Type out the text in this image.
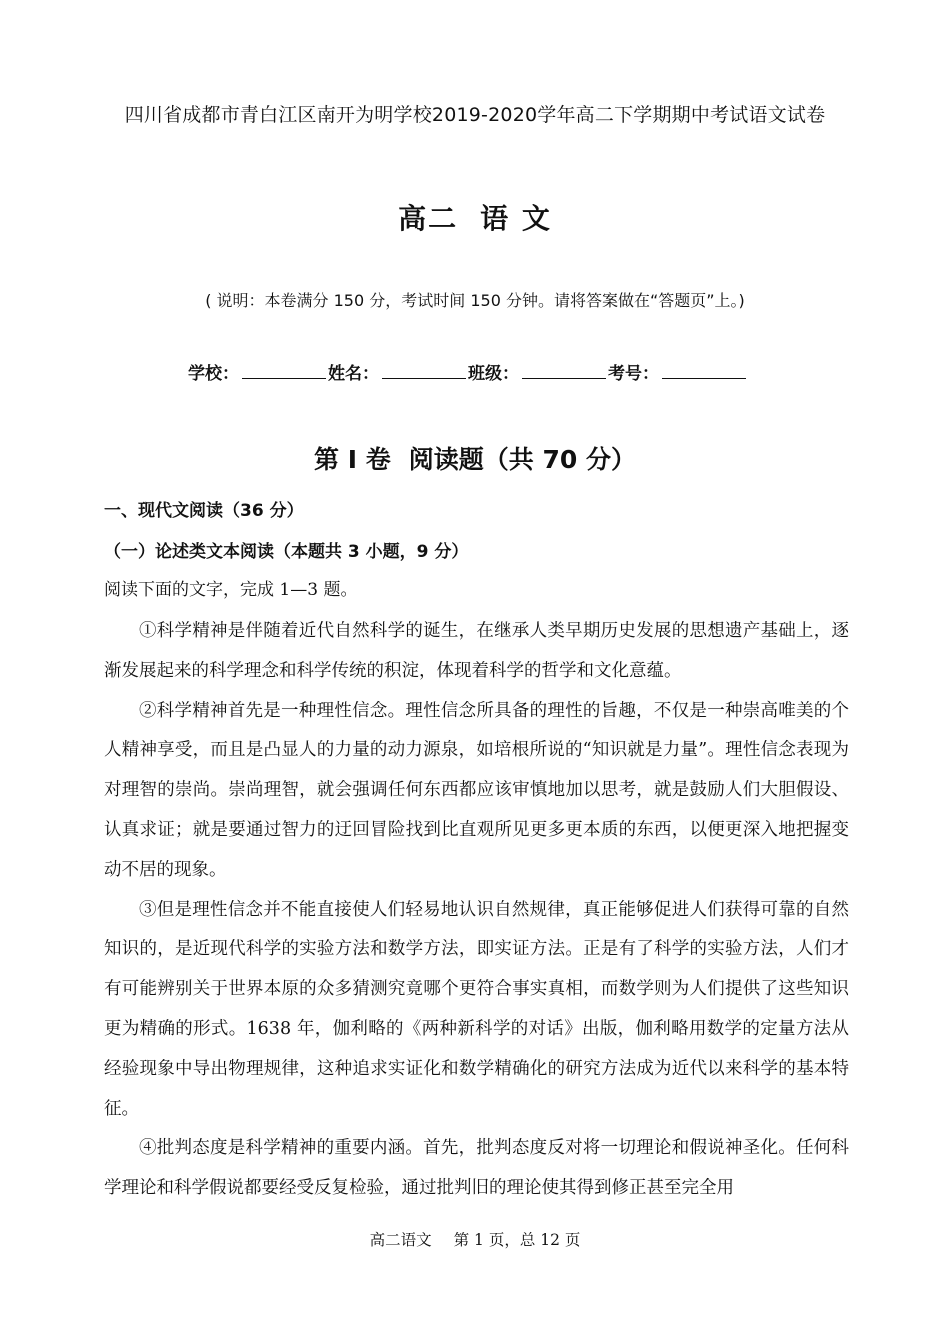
四川省成都市青白江区南开为明学校2019-2020学年高二下学期期中考试语文试卷
高二 语 文
( 说明：本卷满分 150 分，考试时间 150 分钟。请将答案做在“答题页”上。)
学校：	姓名：	班级：	考号：
第 I 卷 阅读题（共 70 分）
一、现代文阅读（36 分）
（一）论述类文本阅读（本题共 3 小题，9 分）
阅读下面的文字，完成 1—3 题。

①科学精神是伴随着近代自然科学的诞生，在继承人类早期历史发展的思想遗产基础上，逐渐发展起来的科学理念和科学传统的积淀，体现着科学的哲学和文化意蕴。

②科学精神首先是一种理性信念。理性信念所具备的理性的旨趣，不仅是一种崇高唯美的个人精神享受，而且是凸显人的力量的动力源泉，如培根所说的“知识就是力量”。理性信念表现为对理智的崇尚。崇尚理智，就会强调任何东西都应该审慎地加以思考，就是鼓励人们大胆假设、认真求证；就是要通过智力的迂回冒险找到比直观所见更多更本质的东西，以便更深入地把握变动不居的现象。

③但是理性信念并不能直接使人们轻易地认识自然规律，真正能够促进人们获得可靠的自然知识的，是近现代科学的实验方法和数学方法，即实证方法。正是有了科学的实验方法，人们才有可能辨别关于世界本原的众多猜测究竟哪个更符合事实真相，而数学则为人们提供了这些知识更为精确的形式。1638 年，伽利略的《两种新科学的对话》出版，伽利略用数学的定量方法从经验现象中导出物理规律，这种追求实证化和数学精确化的研究方法成为近代以来科学的基本特征。

④批判态度是科学精神的重要内涵。首先，批判态度反对将一切理论和假说神圣化。任何科学理论和科学假说都要经受反复检验，通过批判旧的理论使其得到修正甚至完全用

高二语文 第 1 页，总 12 页
